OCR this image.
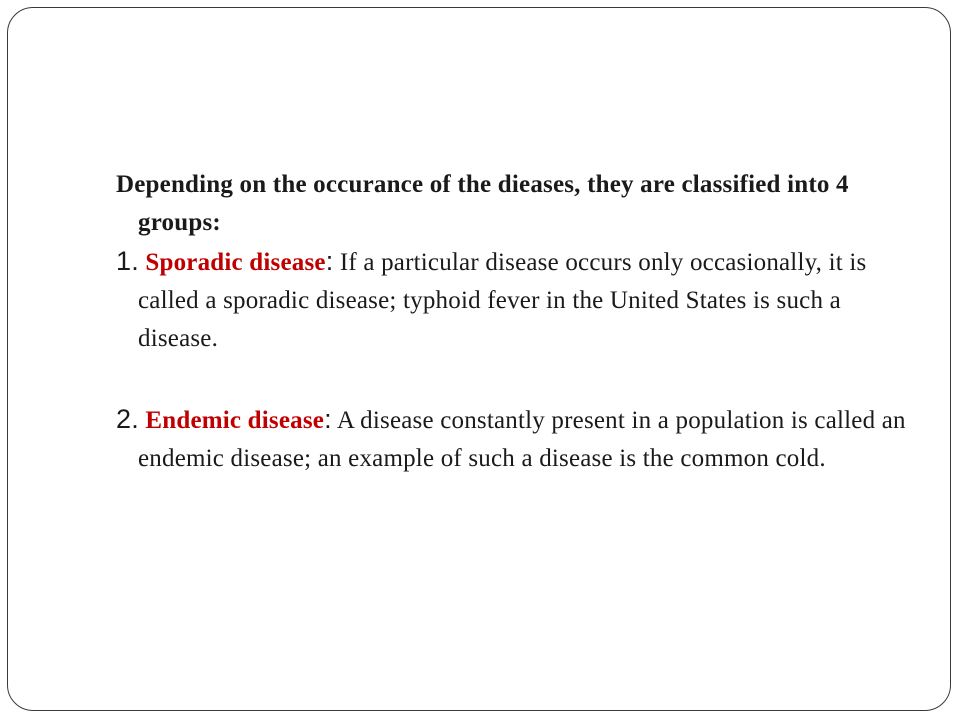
Depending on the occurance of the dieases, they are classified into 4 groups:

1. Sporadic disease: If a particular disease occurs only occasionally, it is called a sporadic disease; typhoid fever in the United States is such a disease.

2. Endemic disease: A disease constantly present in a population is called an endemic disease; an example of such a disease is the common cold.
